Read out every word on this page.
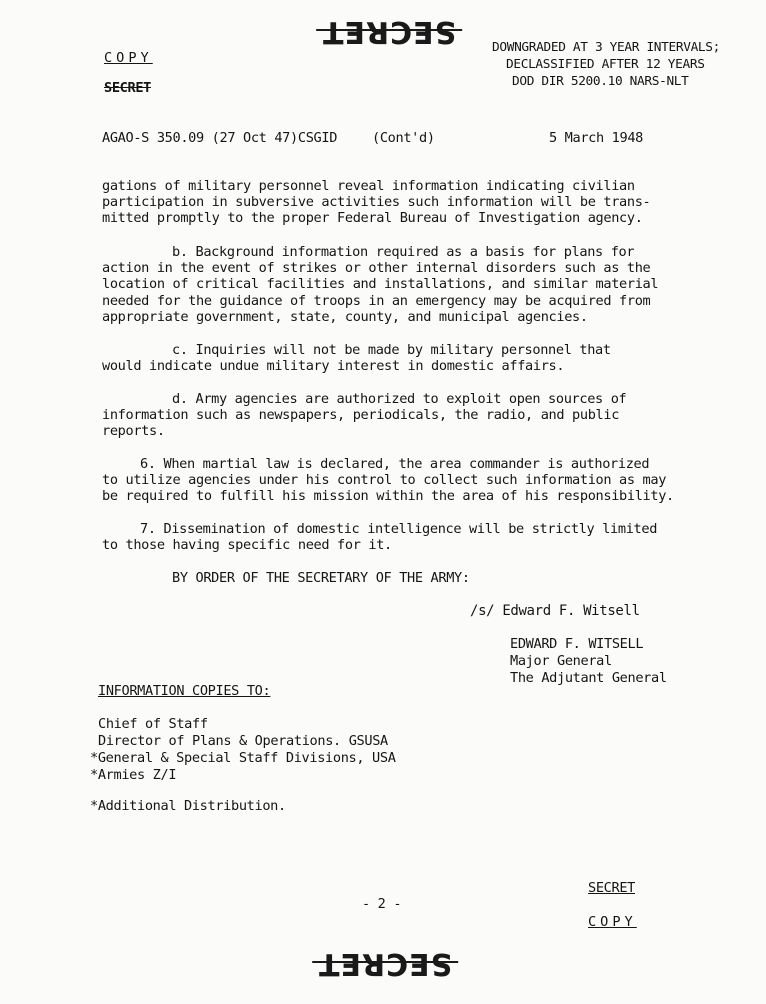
SECRET
COPY
SECRET
DOWNGRADED AT 3 YEAR INTERVALS;
DECLASSIFIED AFTER 12 YEARS
DOD DIR 5200.10 NARS-NLT
AGAO-S 350.09 (27 Oct 47)CSGID	(Cont'd)	5 March 1948
gations of military personnel reveal information indicating civilian
participation in subversive activities such information will be trans-
mitted promptly to the proper Federal Bureau of Investigation agency.
b. Background information required as a basis for plans for
action in the event of strikes or other internal disorders such as the
location of critical facilities and installations, and similar material
needed for the guidance of troops in an emergency may be acquired from
appropriate government, state, county, and municipal agencies.
c. Inquiries will not be made by military personnel that
would indicate undue military interest in domestic affairs.
d. Army agencies are authorized to exploit open sources of
information such as newspapers, periodicals, the radio, and public
reports.
6. When martial law is declared, the area commander is authorized
to utilize agencies under his control to collect such information as may
be required to fulfill his mission within the area of his responsibility.
7. Dissemination of domestic intelligence will be strictly limited
to those having specific need for it.
BY ORDER OF THE SECRETARY OF THE ARMY:
/s/ Edward F. Witsell
EDWARD F. WITSELL
Major General
The Adjutant General
INFORMATION COPIES TO:
Chief of Staff
Director of Plans & Operations. GSUSA
*General & Special Staff Divisions, USA
*Armies Z/I
*Additional Distribution.
- 2 -
SECRET
COPY
SECRET
